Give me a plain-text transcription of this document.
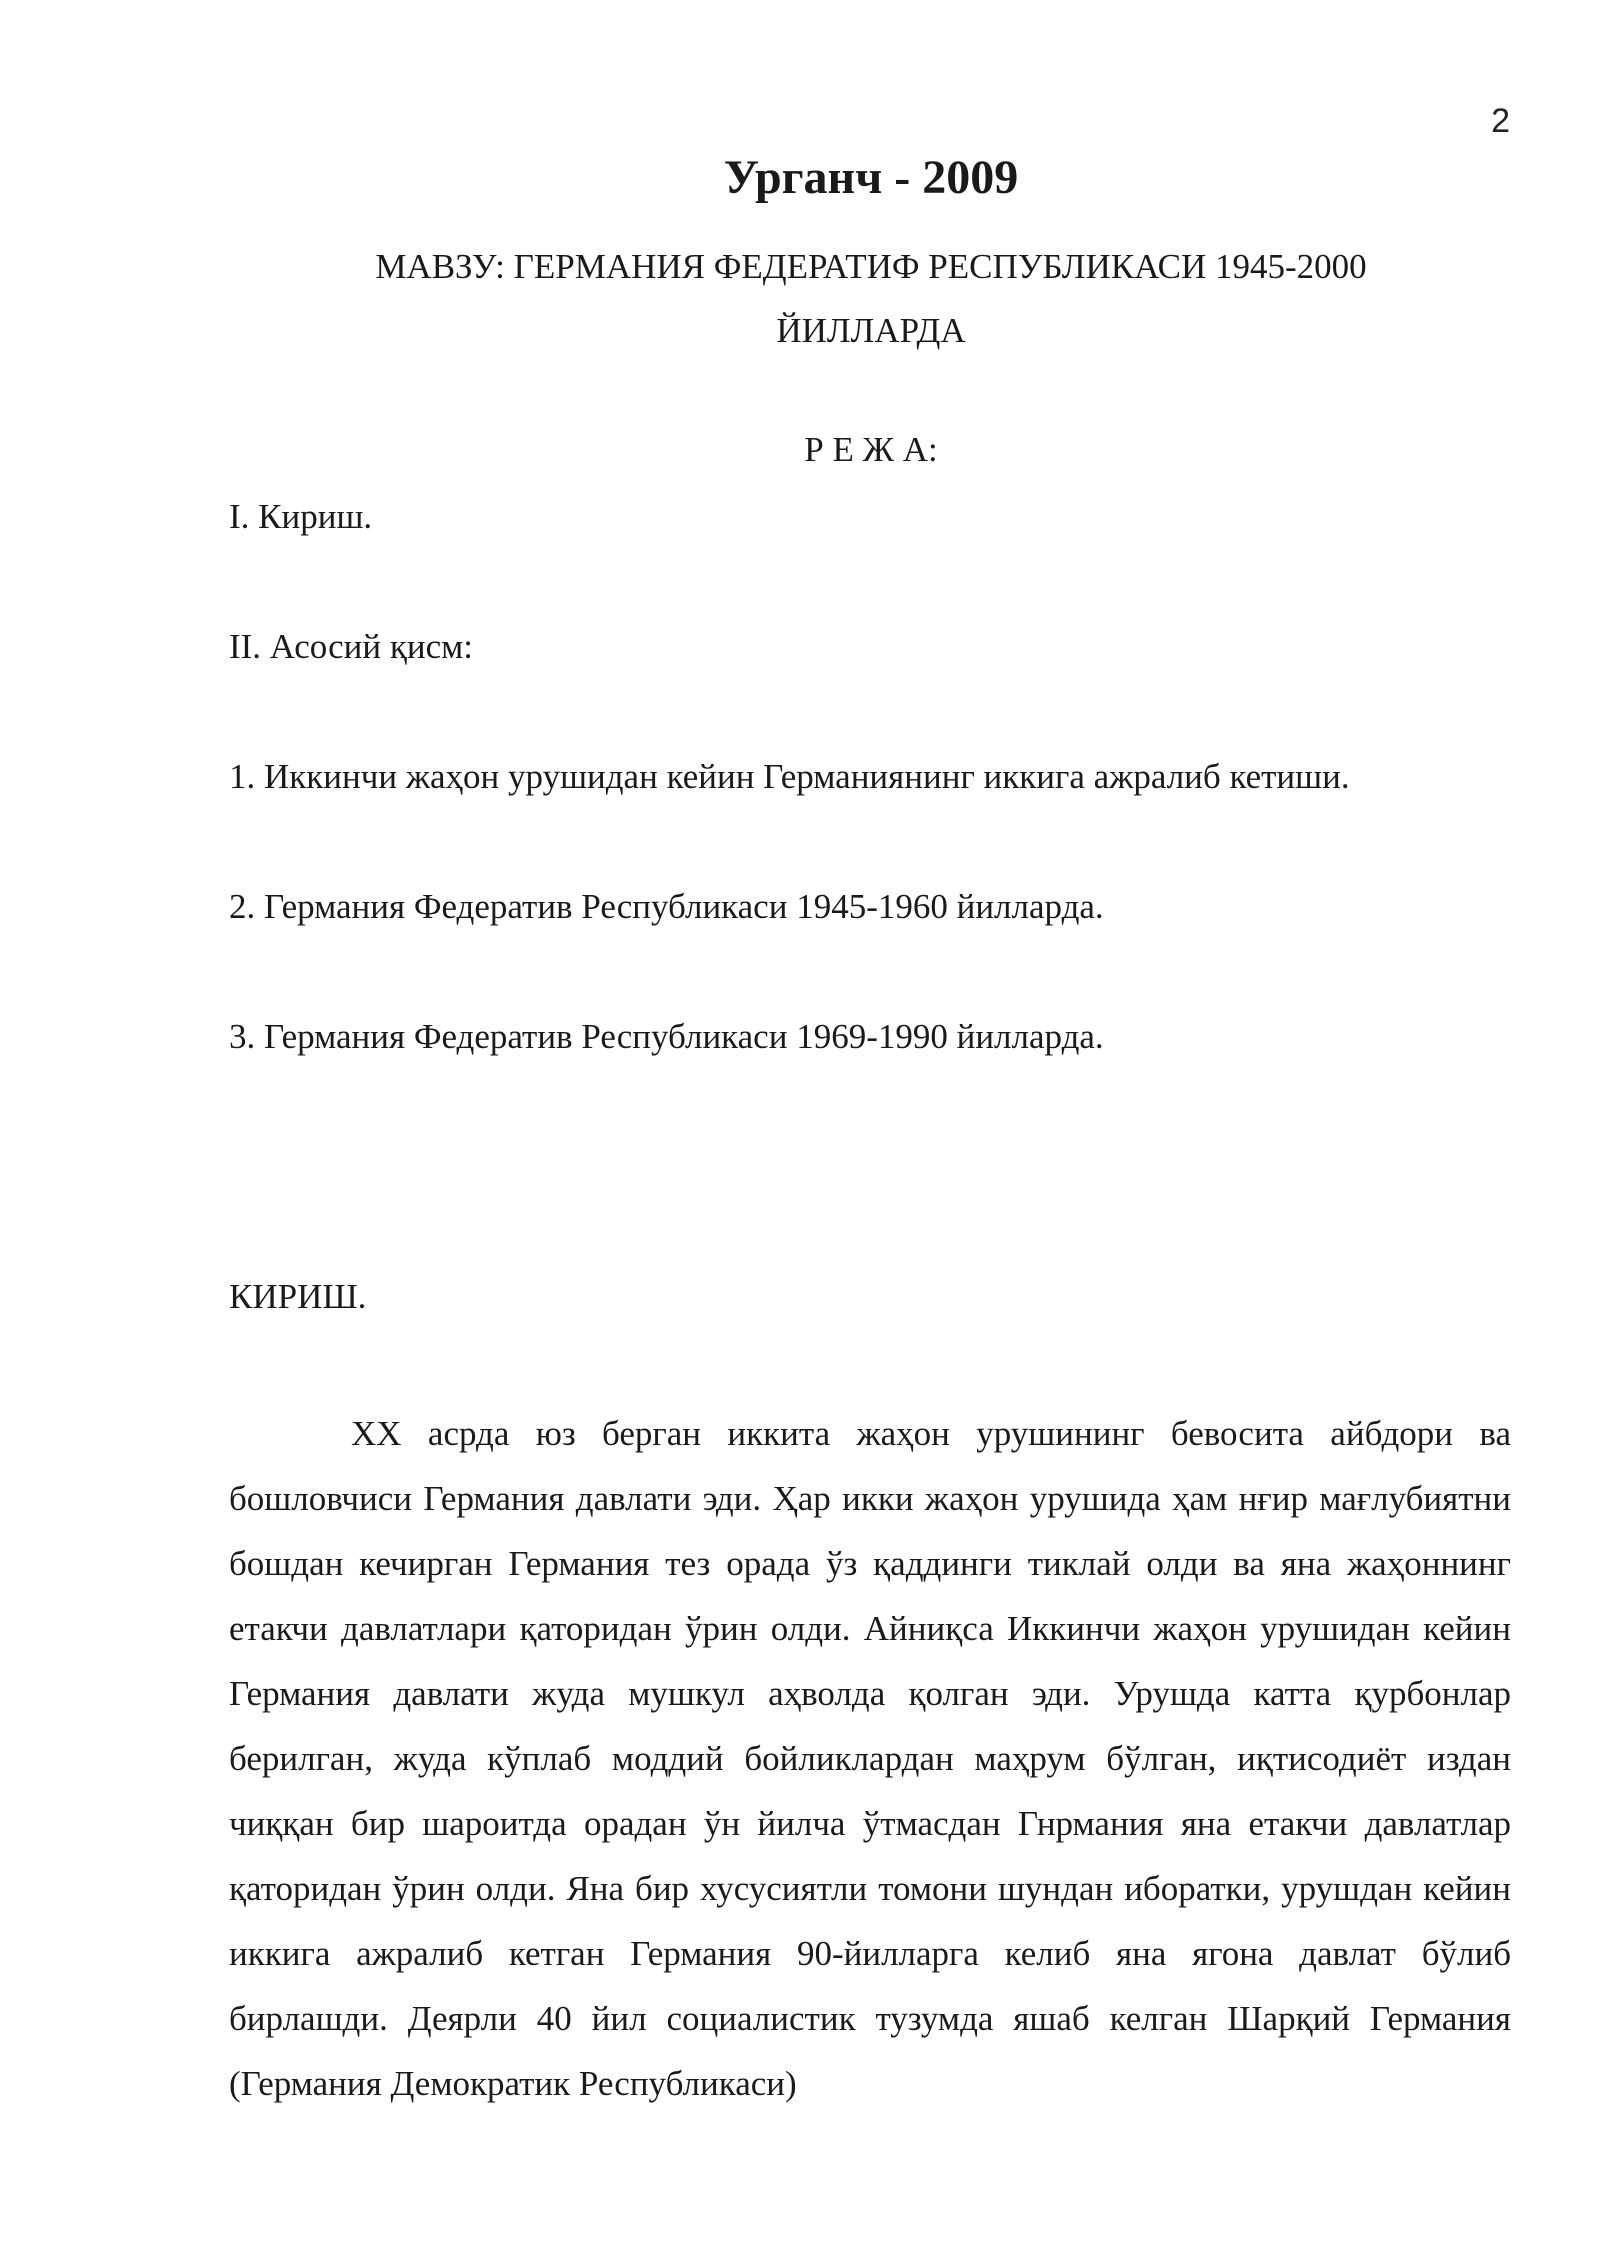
2
Урганч - 2009
МАВЗУ: ГЕРМАНИЯ ФЕДЕРАТИФ РЕСПУБЛИКАСИ 1945-2000
ЙИЛЛАРДА
Р Е Ж А:
I. Кириш.
II. Асосий қисм:
1. Иккинчи жаҳон урушидан кейин Германиянинг иккига ажралиб кетиши.
2. Германия Федератив Республикаси 1945-1960 йилларда.
3. Германия Федератив Республикаси 1969-1990 йилларда.
КИРИШ.

ХХ асрда юз берган иккита жаҳон урушининг бевосита айбдори ва бошловчиси Германия давлати эди. Ҳар икки жаҳон урушида ҳам нғир мағлубиятни бошдан кечирган Германия тез орада ўз қаддинги тиклай олди ва яна жаҳоннинг етакчи давлатлари қаторидан ўрин олди. Айниқса Иккинчи жаҳон урушидан кейин Германия давлати жуда мушкул аҳволда қолган эди. Урушда катта қурбонлар берилган, жуда кўплаб моддий бойликлардан маҳрум бўлган, иқтисодиёт издан чиққан бир шароитда орадан ўн йилча ўтмасдан Гнрмания яна етакчи давлатлар қаторидан ўрин олди. Яна бир хусусиятли томони шундан иборатки, урушдан кейин иккига ажралиб кетган Германия 90-йилларга келиб яна ягона давлат бўлиб бирлашди. Деярли 40 йил социалистик тузумда яшаб келган Шарқий Германия (Германия Демократик Республикаси)
